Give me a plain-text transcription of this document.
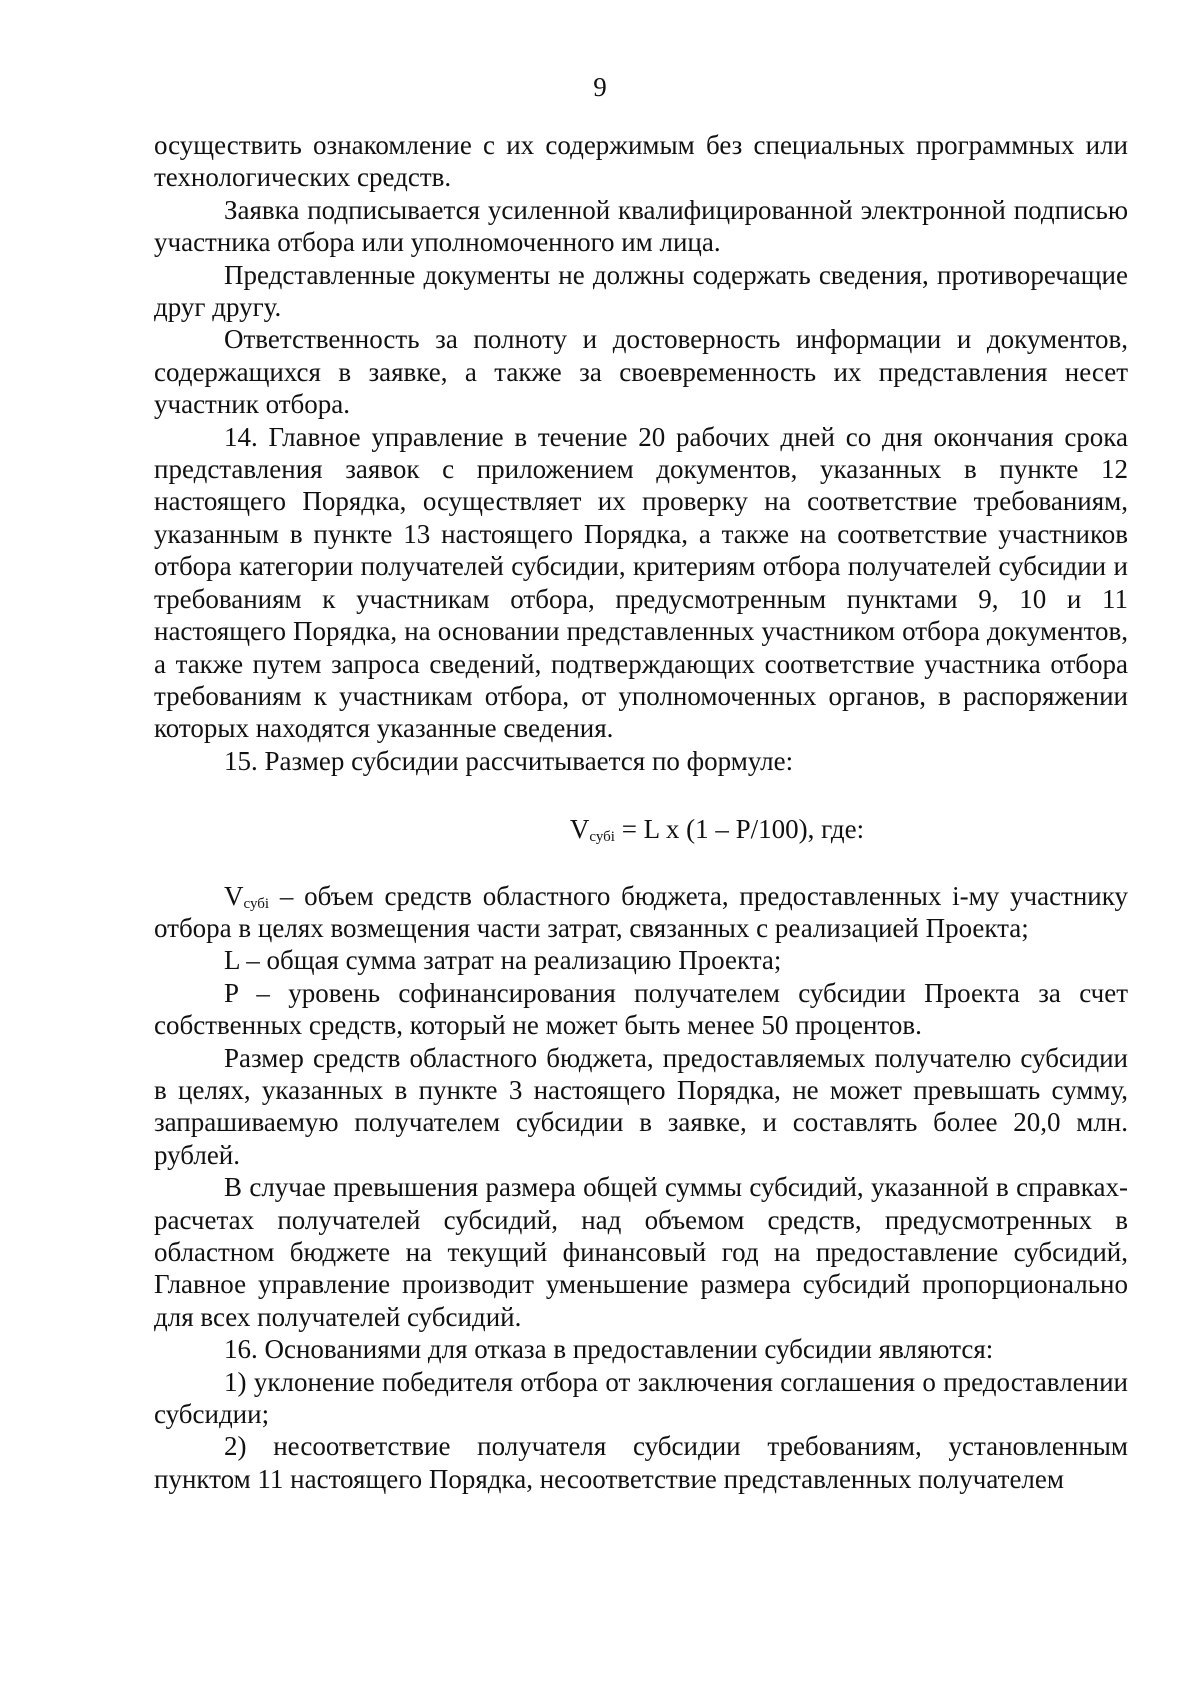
9

осуществить ознакомление с их содержимым без специальных программных или технологических средств.

Заявка подписывается усиленной квалифицированной электронной подписью участника отбора или уполномоченного им лица.

Представленные документы не должны содержать сведения, противоречащие друг другу.

Ответственность за полноту и достоверность информации и документов, содержащихся в заявке, а также за своевременность их представления несет участник отбора.

14. Главное управление в течение 20 рабочих дней со дня окончания срока представления заявок с приложением документов, указанных в пункте 12 настоящего Порядка, осуществляет их проверку на соответствие требованиям, указанным в пункте 13 настоящего Порядка, а также на соответствие участников отбора категории получателей субсидии, критериям отбора получателей субсидии и требованиям к участникам отбора, предусмотренным пунктами 9, 10 и 11 настоящего Порядка, на основании представленных участником отбора документов, а также путем запроса сведений, подтверждающих соответствие участника отбора требованиям к участникам отбора, от уполномоченных органов, в распоряжении которых находятся указанные сведения.

15. Размер субсидии рассчитывается по формуле:

$V_{субi} = L$ x (1 – P/100), где:

$V_{субi}$ – объем средств областного бюджета, предоставленных i-му участнику отбора в целях возмещения части затрат, связанных с реализацией Проекта;

L – общая сумма затрат на реализацию Проекта;

P – уровень софинансирования получателем субсидии Проекта за счет собственных средств, который не может быть менее 50 процентов.

Размер средств областного бюджета, предоставляемых получателю субсидии в целях, указанных в пункте 3 настоящего Порядка, не может превышать сумму, запрашиваемую получателем субсидии в заявке, и составлять более 20,0 млн. рублей.

В случае превышения размера общей суммы субсидий, указанной в справках-расчетах получателей субсидий, над объемом средств, предусмотренных в областном бюджете на текущий финансовый год на предоставление субсидий, Главное управление производит уменьшение размера субсидий пропорционально для всех получателей субсидий.

16. Основаниями для отказа в предоставлении субсидии являются:

1) уклонение победителя отбора от заключения соглашения о предоставлении субсидии;

2) несоответствие получателя субсидии требованиям, установленным пунктом 11 настоящего Порядка, несоответствие представленных получателем
